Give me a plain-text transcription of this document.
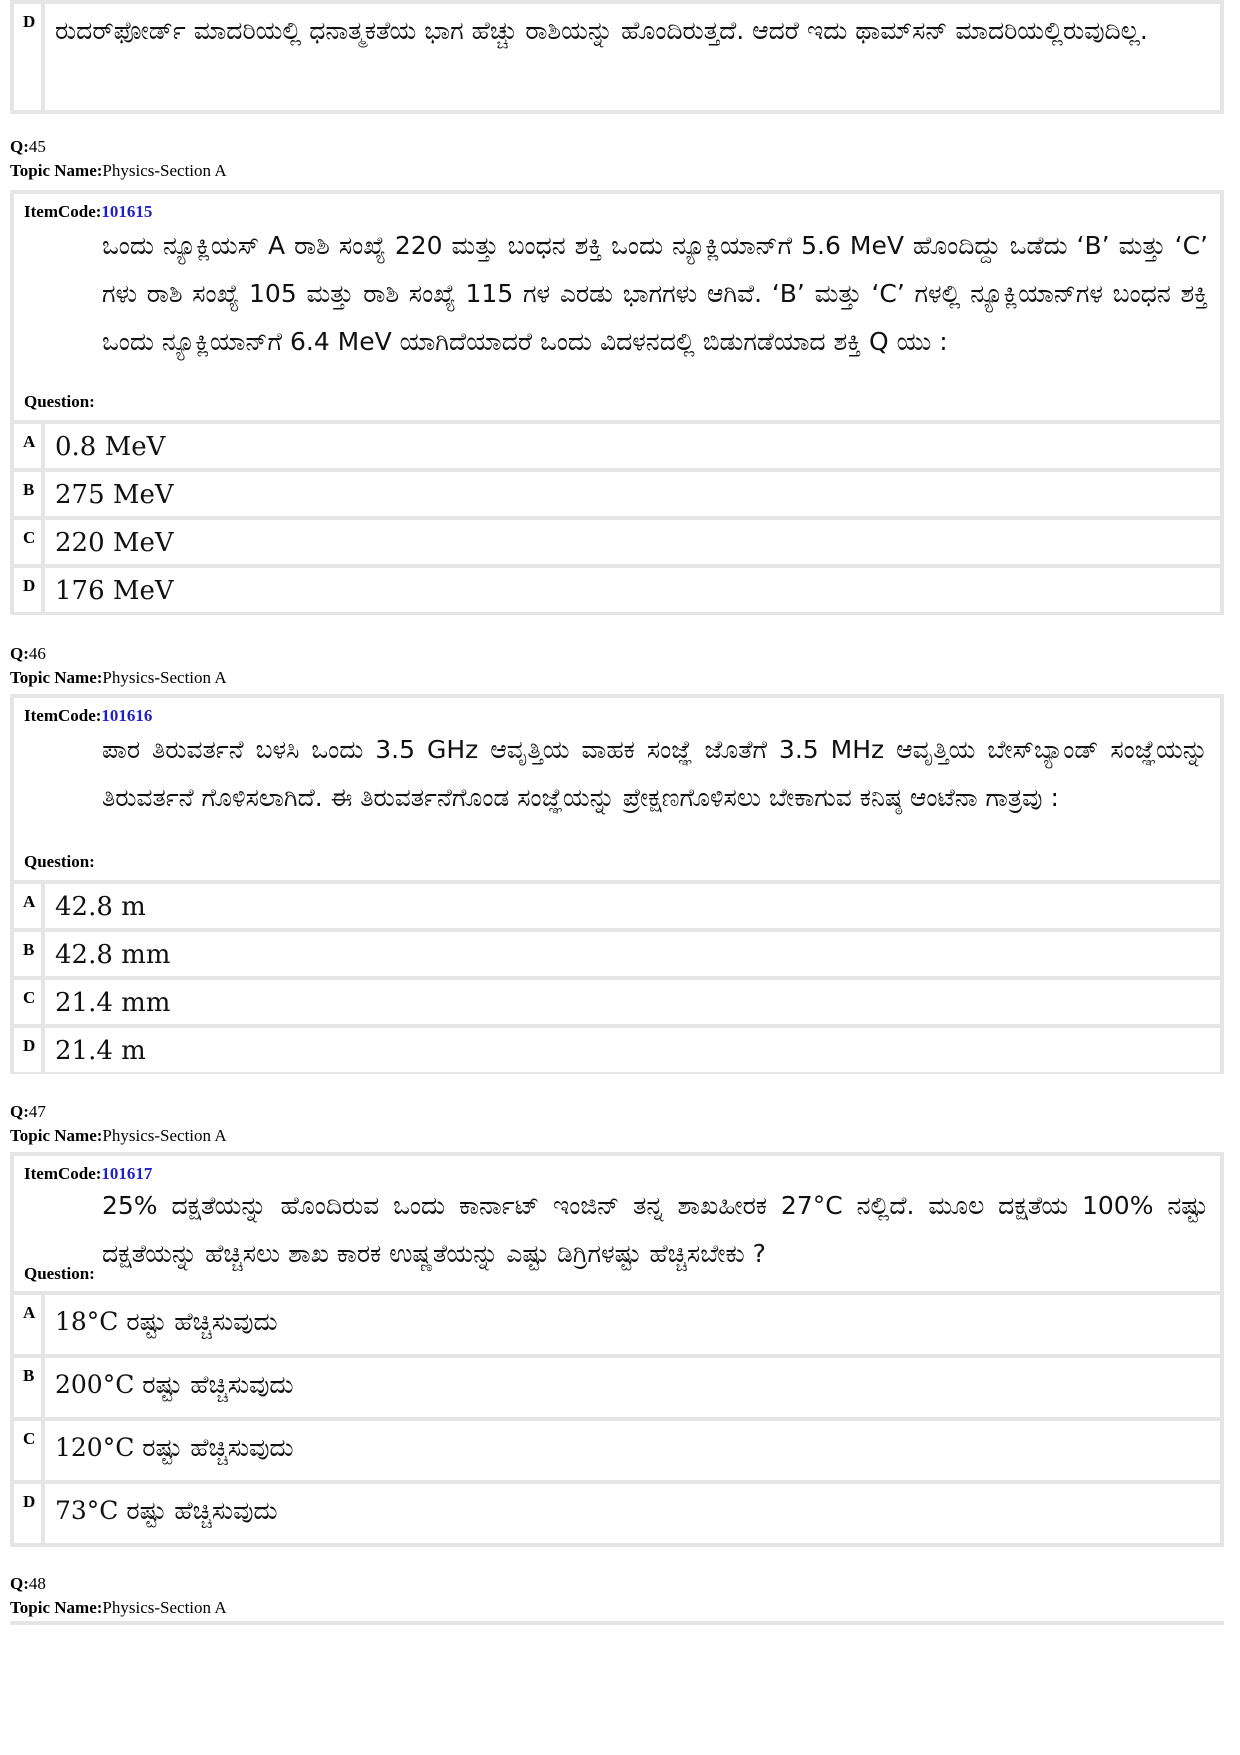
D ರುದರ್‌ಫೋರ್ಡ್ ಮಾದರಿಯಲ್ಲಿ ಧನಾತ್ಮಕತೆಯ ಭಾಗ ಹೆಚ್ಚು ರಾಶಿಯನ್ನು ಹೊಂದಿರುತ್ತದೆ. ಆದರೆ ಇದು ಥಾಮ್‌ಸನ್ ಮಾದರಿಯಲ್ಲಿರುವುದಿಲ್ಲ.
Q:45
Topic Name:Physics-Section A
ItemCode:101615
ಒಂದು ನ್ಯೂಕ್ಲಿಯಸ್ A ರಾಶಿ ಸಂಖ್ಯೆ 220 ಮತ್ತು ಬಂಧನ ಶಕ್ತಿ ಒಂದು ನ್ಯೂಕ್ಲಿಯಾನ್‌ಗೆ 5.6 MeV ಹೊಂದಿದ್ದು ಒಡೆದು ‘B’ ಮತ್ತು ‘C’ ಗಳು ರಾಶಿ ಸಂಖ್ಯೆ 105 ಮತ್ತು ರಾಶಿ ಸಂಖ್ಯೆ 115 ಗಳ ಎರಡು ಭಾಗಗಳು ಆಗಿವೆ. ‘B’ ಮತ್ತು ‘C’ ಗಳಲ್ಲಿ ನ್ಯೂಕ್ಲಿಯಾನ್‌ಗಳ ಬಂಧನ ಶಕ್ತಿ ಒಂದು ನ್ಯೂಕ್ಲಿಯಾನ್‌ಗೆ 6.4 MeV ಯಾಗಿದೆಯಾದರೆ ಒಂದು ವಿದಳನದಲ್ಲಿ ಬಿಡುಗಡೆಯಾದ ಶಕ್ತಿ Q ಯು :
Question:
A 0.8 MeV
B 275 MeV
C 220 MeV
D 176 MeV
Q:46
Topic Name:Physics-Section A
ItemCode:101616
ಪಾರ ತಿರುವರ್ತನೆ ಬಳಸಿ ಒಂದು 3.5 GHz ಆವೃತ್ತಿಯ ವಾಹಕ ಸಂಜ್ಞೆ ಜೊತೆಗೆ 3.5 MHz ಆವೃತ್ತಿಯ ಬೇಸ್‌ಬ್ಯಾಂಡ್ ಸಂಜ್ಞೆಯನ್ನು ತಿರುವರ್ತನೆ ಗೊಳಿಸಲಾಗಿದೆ. ಈ ತಿರುವರ್ತನೆಗೊಂಡ ಸಂಜ್ಞೆಯನ್ನು ಪ್ರೇಕ್ಷಣಗೊಳಿಸಲು ಬೇಕಾಗುವ ಕನಿಷ್ಠ ಆಂಟೆನಾ ಗಾತ್ರವು :
Question:
A 42.8 m
B 42.8 mm
C 21.4 mm
D 21.4 m
Q:47
Topic Name:Physics-Section A
ItemCode:101617
25% ದಕ್ಷತೆಯನ್ನು ಹೊಂದಿರುವ ಒಂದು ಕಾರ್ನಾಟ್ ಇಂಜಿನ್ ತನ್ನ ಶಾಖಹೀರಕ 27°C ನಲ್ಲಿದೆ. ಮೂಲ ದಕ್ಷತೆಯ 100% ನಷ್ಟು ದಕ್ಷತೆಯನ್ನು ಹೆಚ್ಚಿಸಲು ಶಾಖ ಕಾರಕ ಉಷ್ಣತೆಯನ್ನು ಎಷ್ಟು ಡಿಗ್ರಿಗಳಷ್ಟು ಹೆಚ್ಚಿಸಬೇಕು ?
Question:
A 18°C ರಷ್ಟು ಹೆಚ್ಚಿಸುವುದು
B 200°C ರಷ್ಟು ಹೆಚ್ಚಿಸುವುದು
C 120°C ರಷ್ಟು ಹೆಚ್ಚಿಸುವುದು
D 73°C ರಷ್ಟು ಹೆಚ್ಚಿಸುವುದು
Q:48
Topic Name:Physics-Section A
